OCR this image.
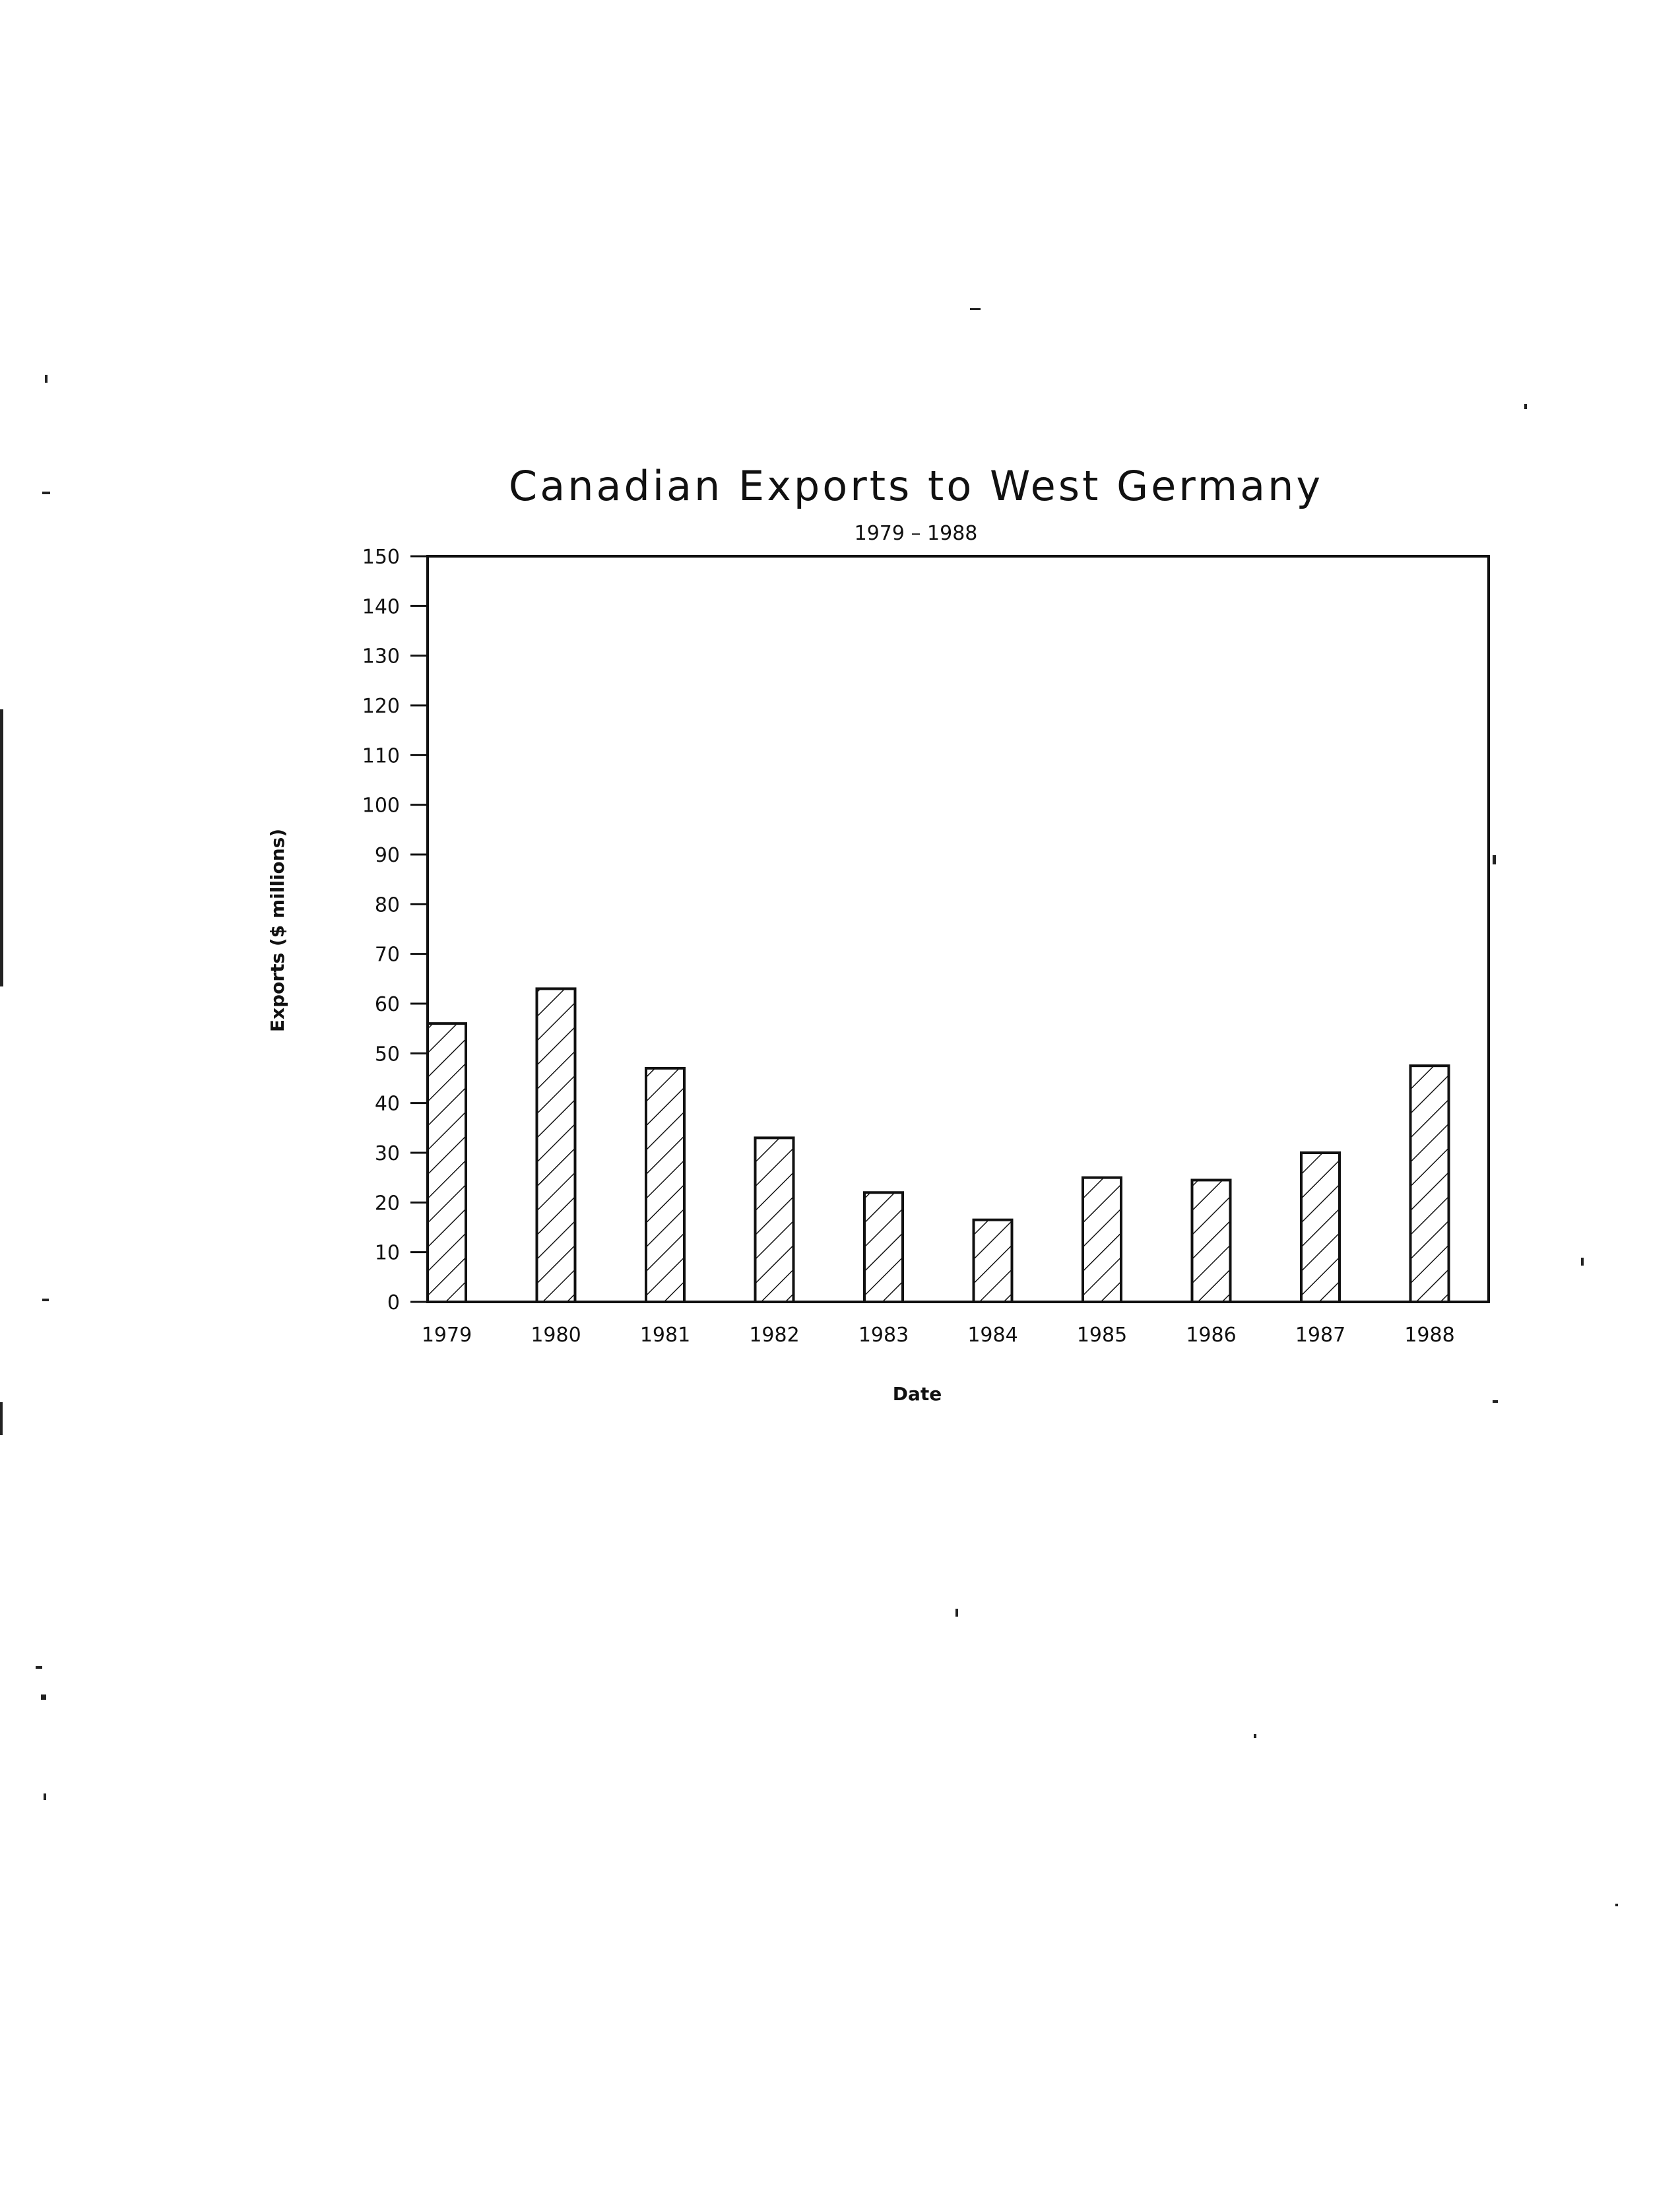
Canadian Exports to West Germany
1979 – 1988
0
10
20
30
40
50
60
70
80
90
100
110
120
130
140
150
1979	1980	1981	1982	1983	1984	1985	1986	1987	1988
Date
Exports ($ millions)
